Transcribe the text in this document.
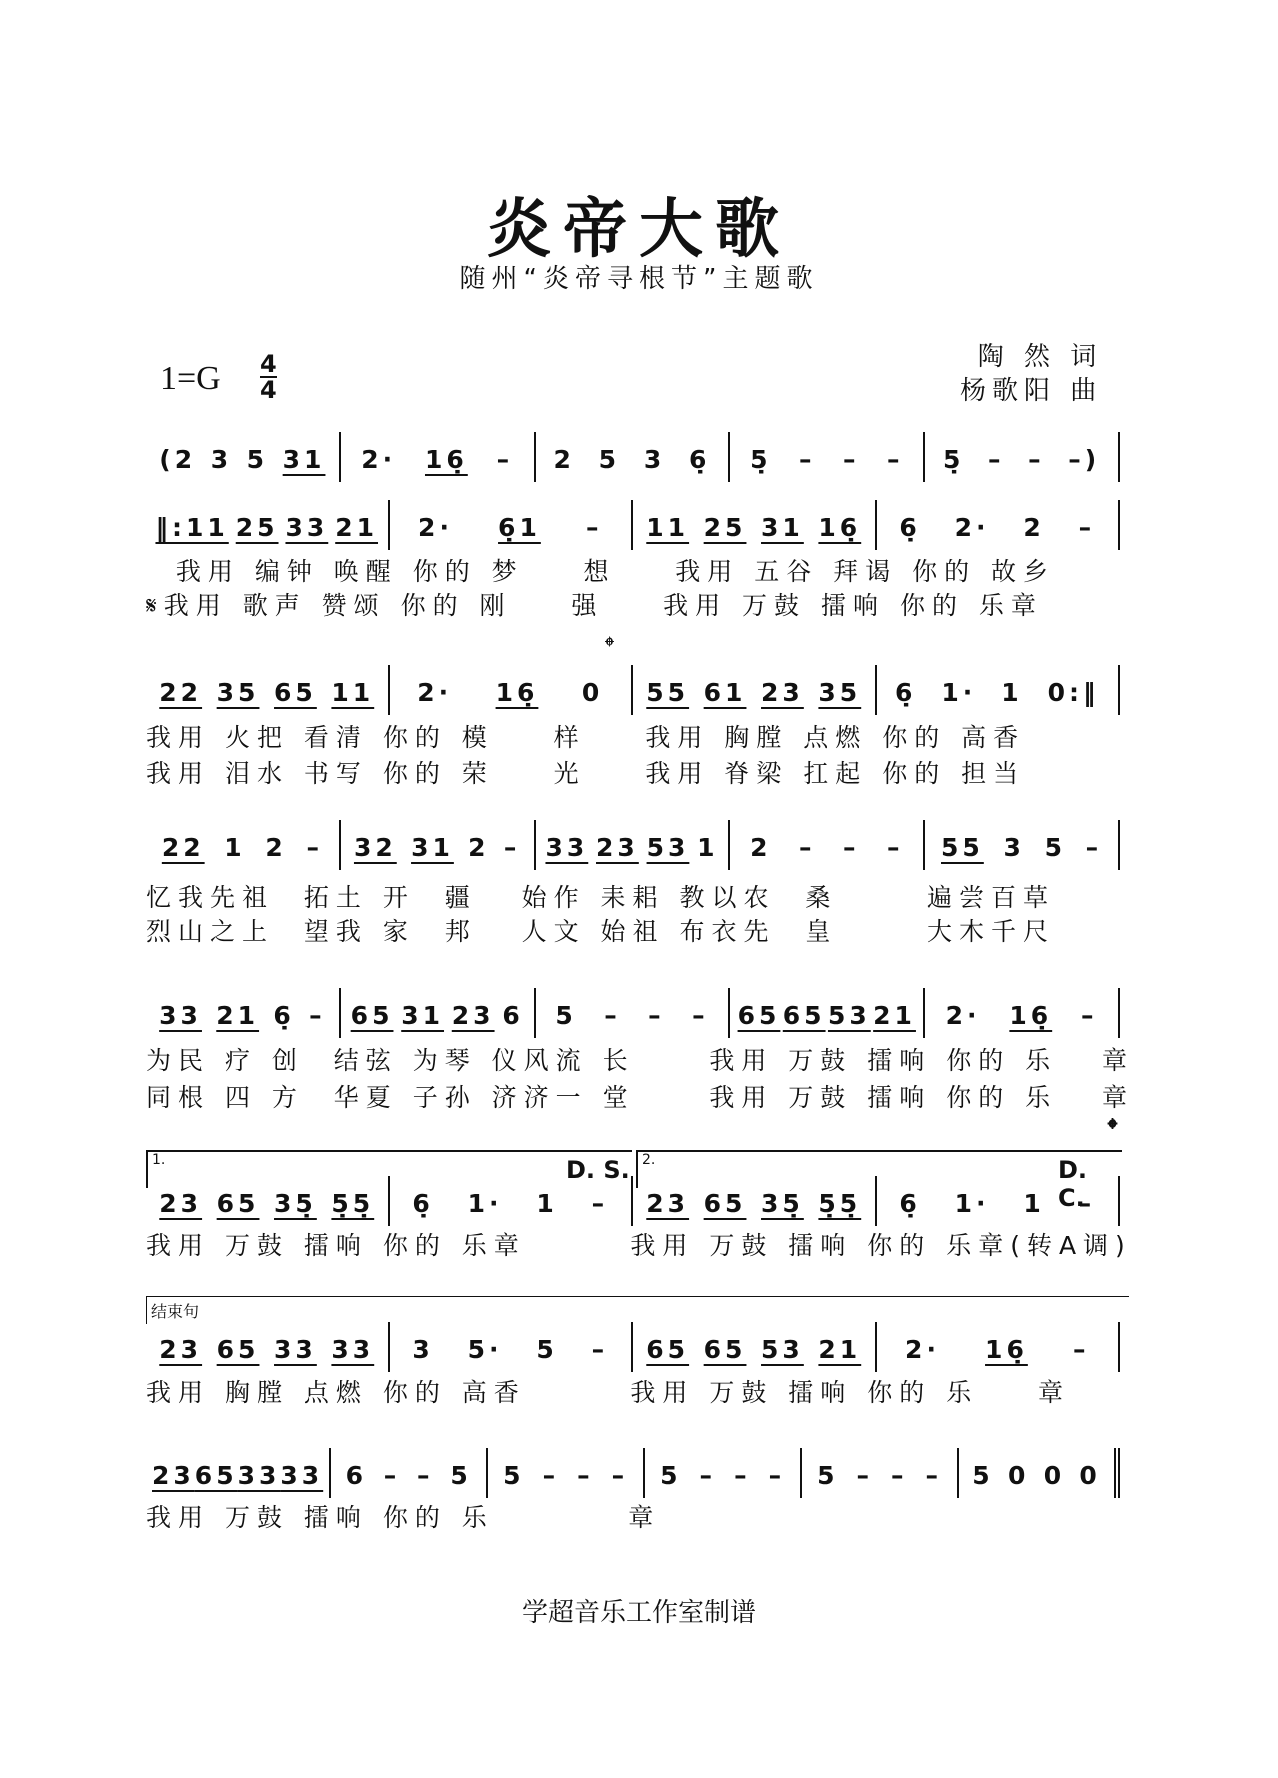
炎帝大歌
随州“炎帝寻根节”主题歌
1=G 4
4
陶 然 词
杨歌阳 曲
(2 3 5 31 2· 16̣ – 2 5 3 6̣ 5̣ – – – 5̣ – – –)
‖:11 25 33 21 2· 6̣1 – 11 25 31 16̣ 6̣ 2· 2 –
我用 编钟 唤醒 你的 梦    想    我用 五谷 拜谒 你的 故乡
𝄋我用 歌声 赞颂 你的 刚    强    我用 万鼓 擂响 你的 乐章
𝄌
22 35 65 11 2· 16̣ 0 55 61 23 35 6̣ 1· 1 0:‖
我用 火把 看清 你的 模    样    我用 胸膛 点燃 你的 高香
我用 泪水 书写 你的 荣    光    我用 脊梁 扛起 你的 担当
22 1 2 – 32 31 2 – 33 23 53 1 2 – – – 55 3 5 –
忆我先祖  拓土 开  疆   始作 耒耜 教以农  桑      遍尝百草
烈山之上  望我 家  邦   人文 始祖 布衣先  皇      大木千尺
33 21 6̣ – 65 31 23 6 5 – – – 65 65 53 21 2· 16̣ –
为民 疗 创  结弦 为琴 仪风流 长     我用 万鼓 擂响 你的 乐   章
同根 四 方  华夏 子孙 济济一 堂     我用 万鼓 擂响 你的 乐   章
1.	2.
D. S.	D. C.
𝄌
23 65 35̣ 5̣5̣ 6̣ 1· 1 – 23 65 35̣ 5̣5̣ 6̣ 1· 1 –
我用 万鼓 擂响 你的 乐章       我用 万鼓 擂响 你的 乐章(转A调)
结束句
23 65 33 33 3 5· 5 – 65 65 53 21 2· 16̣ –
我用 胸膛 点燃 你的 高香       我用 万鼓 擂响 你的 乐    章
23 65 33 33 6 – – 5 5 – – – 5 – – – 5 – – – 5 0 0 0
我用 万鼓 擂响 你的 乐         章
学超音乐工作室制谱
